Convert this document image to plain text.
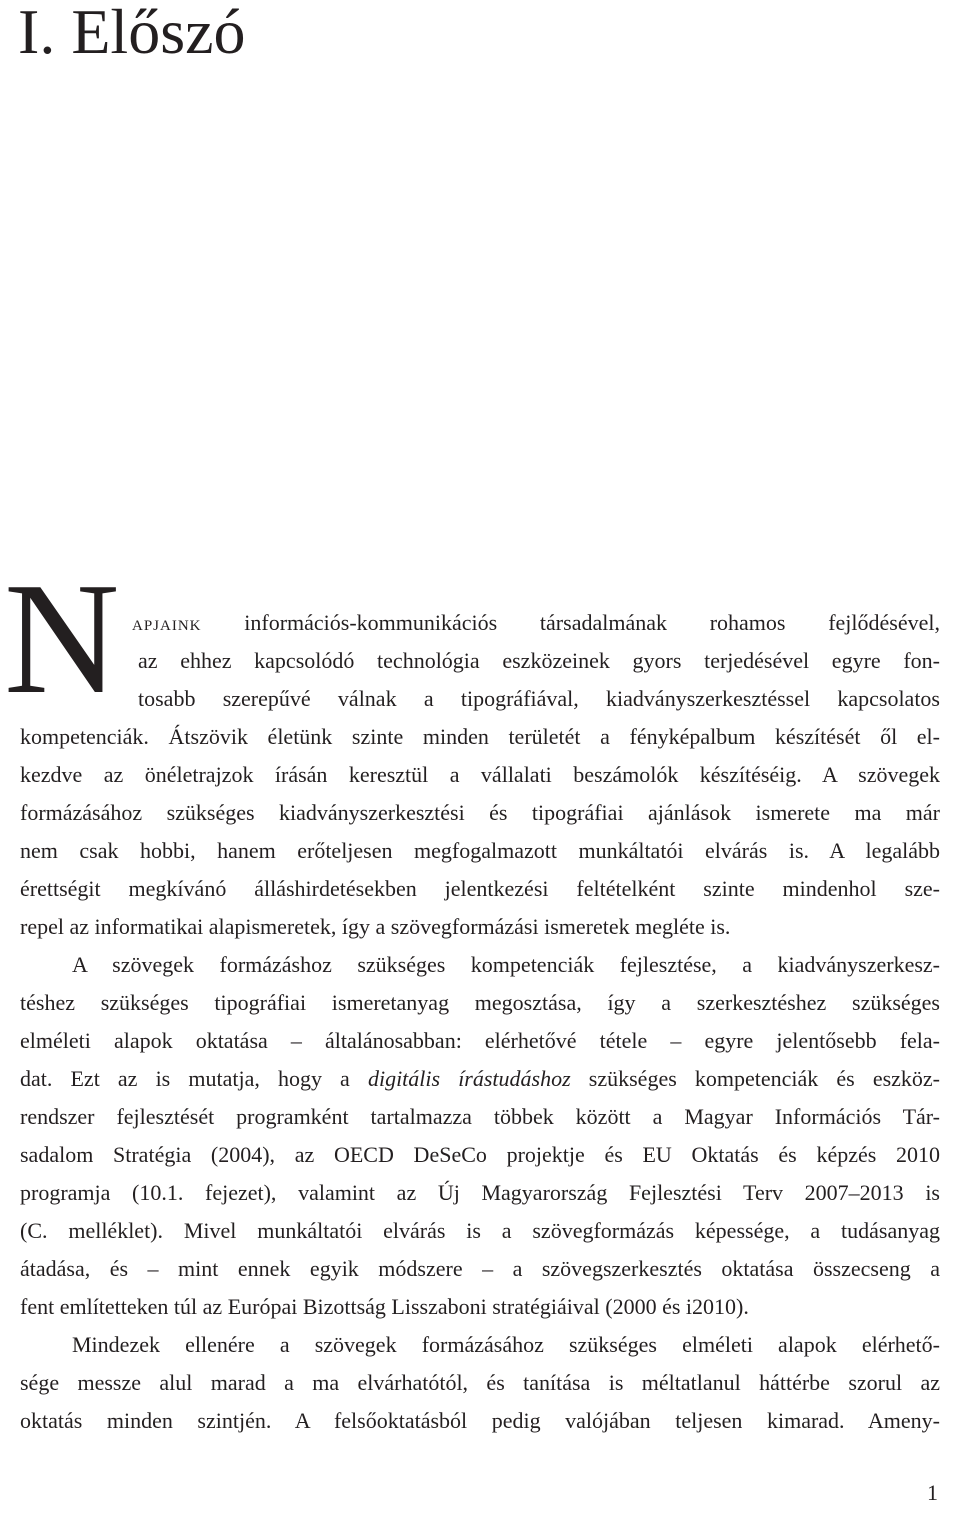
I. Előszó
N apjaink információs-kommunikációs társadalmának rohamos fejlődésével,
az ehhez kapcsolódó technológia eszközeinek gyors terjedésével egyre fon-
tosabb szerepűvé válnak a tipográfiával, kiadványszerkesztéssel kapcsolatos
kompetenciák. Átszövik életünk szinte minden területét a fényképalbum készítését ől el-
kezdve az önéletrajzok írásán keresztül a vállalati beszámolók készítéséig. A szövegek
formázásához szükséges kiadványszerkesztési és tipográfiai ajánlások ismerete ma már
nem csak hobbi, hanem erőteljesen megfogalmazott munkáltatói elvárás is. A legalább
érettségit megkívánó álláshirdetésekben jelentkezési feltételként szinte mindenhol sze-
repel az informatikai alapismeretek, így a szövegformázási ismeretek megléte is.
A szövegek formázáshoz szükséges kompetenciák fejlesztése, a kiadványszerkesz-
téshez szükséges tipográfiai ismeretanyag megosztása, így a szerkesztéshez szükséges
elméleti alapok oktatása – általánosabban: elérhetővé tétele – egyre jelentősebb fela-
dat. Ezt az is mutatja, hogy a digitális írástudáshoz szükséges kompetenciák és eszköz-
rendszer fejlesztését programként tartalmazza többek között a Magyar Információs Tár-
sadalom Stratégia (2004), az OECD DeSeCo projektje és EU Oktatás és képzés 2010
programja (10.1. fejezet), valamint az Új Magyarország Fejlesztési Terv 2007–2013 is
(C. melléklet). Mivel munkáltatói elvárás is a szövegformázás képessége, a tudásanyag
átadása, és – mint ennek egyik módszere – a szövegszerkesztés oktatása összecseng a
fent említetteken túl az Európai Bizottság Lisszaboni stratégiáival (2000 és i2010).
Mindezek ellenére a szövegek formázásához szükséges elméleti alapok elérhető-
sége messze alul marad a ma elvárhatótól, és tanítása is méltatlanul háttérbe szorul az
oktatás minden szintjén. A felsőoktatásból pedig valójában teljesen kimarad. Ameny-
1
